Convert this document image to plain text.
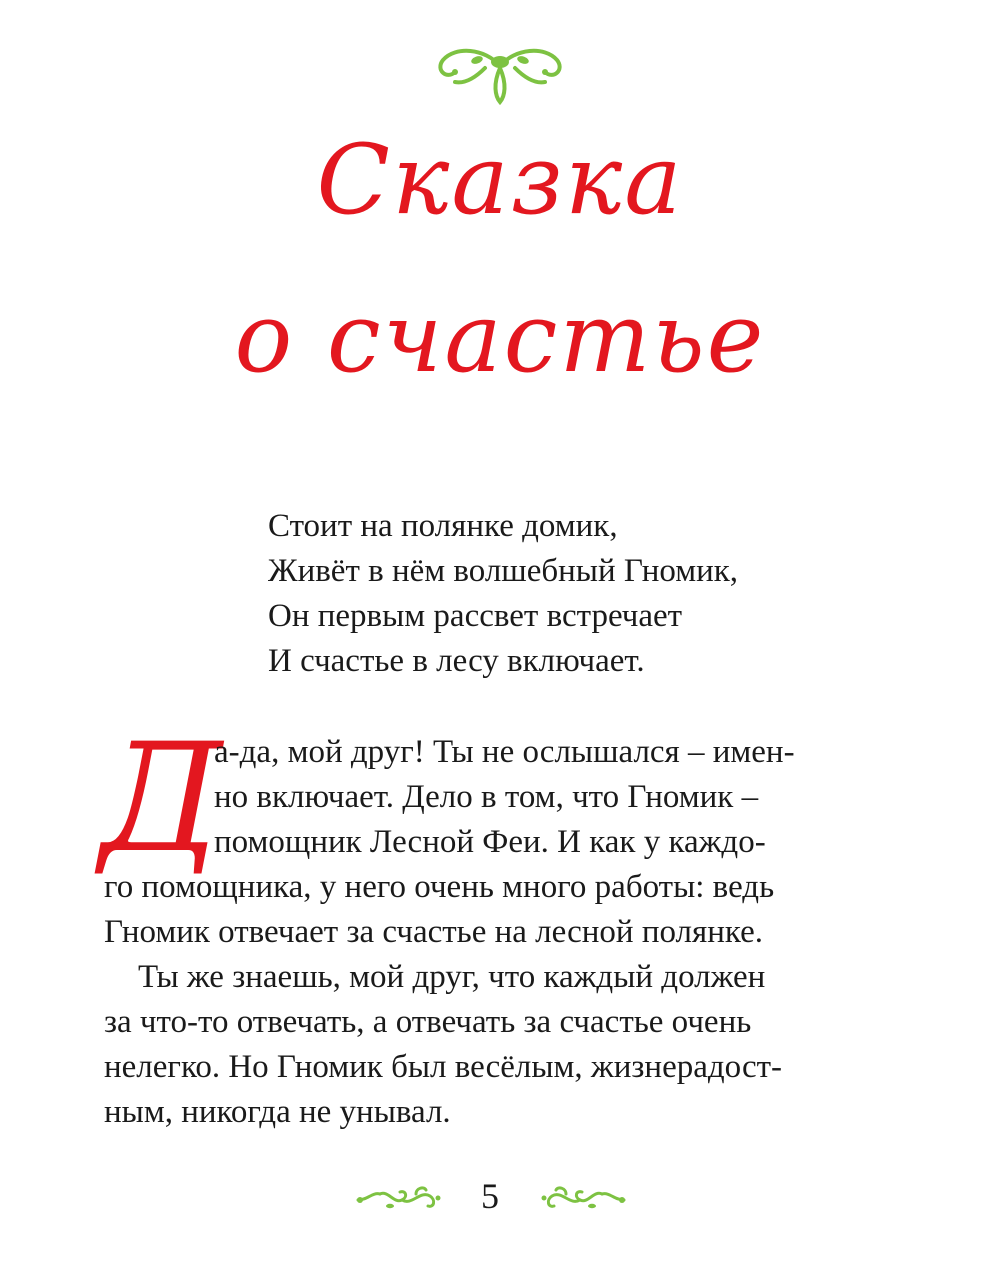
Сказка
о счастье
Стоит на полянке домик,
Живёт в нём волшебный Гномик,
Он первым рассвет встречает
И счастье в лесу включает.
Д
а-да, мой друг! Ты не ослышался – имен-
но включает. Дело в том, что Гномик –
помощник Лесной Феи. И как у каждо-
го помощника, у него очень много работы: ведь
Гномик отвечает за счастье на лесной полянке.
Ты же знаешь, мой друг, что каждый должен
за что-то отвечать, а отвечать за счастье очень
нелегко. Но Гномик был весёлым, жизнерадост-
ным, никогда не унывал.
5
